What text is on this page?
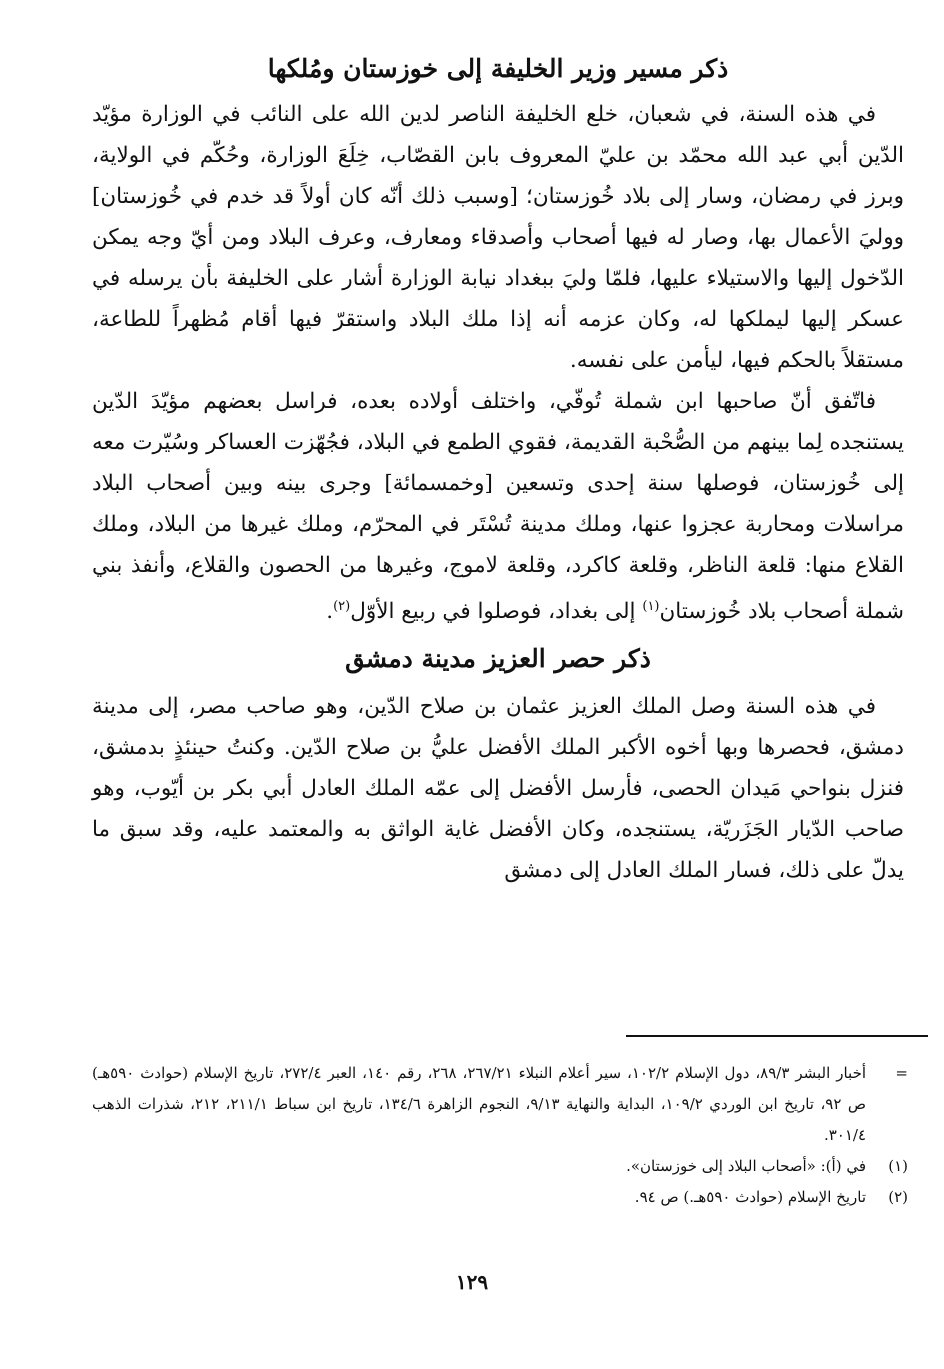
ذكر مسير وزير الخليفة إلى خوزستان ومُلكها

في هذه السنة، في شعبان، خلع الخليفة الناصر لدين الله على النائب في الوزارة مؤيّد الدّين أبي عبد الله محمّد بن عليّ المعروف بابن القصّاب، خِلَعَ الوزارة، وحُكّم في الولاية، وبرز في رمضان، وسار إلى بلاد خُوزستان؛ [وسبب ذلك أنّه كان أولاً قد خدم في خُوزستان] ووليَ الأعمال بها، وصار له فيها أصحاب وأصدقاء ومعارف، وعرف البلاد ومن أيّ وجه يمكن الدّخول إليها والاستيلاء عليها، فلمّا وليَ ببغداد نيابة الوزارة أشار على الخليفة بأن يرسله في عسكر إليها ليملكها له، وكان عزمه أنه إذا ملك البلاد واستقرّ فيها أقام مُظهراً للطاعة، مستقلاً بالحكم فيها، ليأمن على نفسه.

فاتّفق أنّ صاحبها ابن شملة تُوفّي، واختلف أولاده بعده، فراسل بعضهم مؤيّدَ الدّين يستنجده لِما بينهم من الصُّحْبة القديمة، فقوي الطمع في البلاد، فجُهّزت العساكر وسُيّرت معه إلى خُوزستان، فوصلها سنة إحدى وتسعين [وخمسمائة] وجرى بينه وبين أصحاب البلاد مراسلات ومحاربة عجزوا عنها، وملك مدينة تُسْتَر في المحرّم، وملك غيرها من البلاد، وملك القلاع منها: قلعة الناظر، وقلعة كاكرد، وقلعة لاموج، وغيرها من الحصون والقلاع، وأنفذ بني شملة أصحاب بلاد خُوزستان$^{(١)}$ إلى بغداد، فوصلوا في ربيع الأوّل$^{(٢)}$.

ذكر حصر العزيز مدينة دمشق

في هذه السنة وصل الملك العزيز عثمان بن صلاح الدّين، وهو صاحب مصر، إلى مدينة دمشق، فحصرها وبها أخوه الأكبر الملك الأفضل عليُّ بن صلاح الدّين. وكنتُ حينئذٍ بدمشق، فنزل بنواحي مَيدان الحصى، فأرسل الأفضل إلى عمّه الملك العادل أبي بكر بن أيّوب، وهو صاحب الدّيار الجَزَريّة، يستنجده، وكان الأفضل غاية الواثق به والمعتمد عليه، وقد سبق ما يدلّ على ذلك، فسار الملك العادل إلى دمشق

=
أخبار البشر ٨٩/٣، دول الإسلام ١٠٢/٢، سير أعلام النبلاء ٢٦٧/٢١، ٢٦٨، رقم ١٤٠، العبر ٢٧٢/٤، تاريخ الإسلام (حوادث ٥٩٠هـ) ص ٩٢، تاريخ ابن الوردي ١٠٩/٢، البداية والنهاية ٩/١٣، النجوم الزاهرة ١٣٤/٦، تاريخ ابن سباط ٢١١/١، ٢١٢، شذرات الذهب ٣٠١/٤.
(١)
في (أ): «أصحاب البلاد إلى خوزستان».
(٢)
تاريخ الإسلام (حوادث ٥٩٠هـ.) ص ٩٤.
١٢٩
